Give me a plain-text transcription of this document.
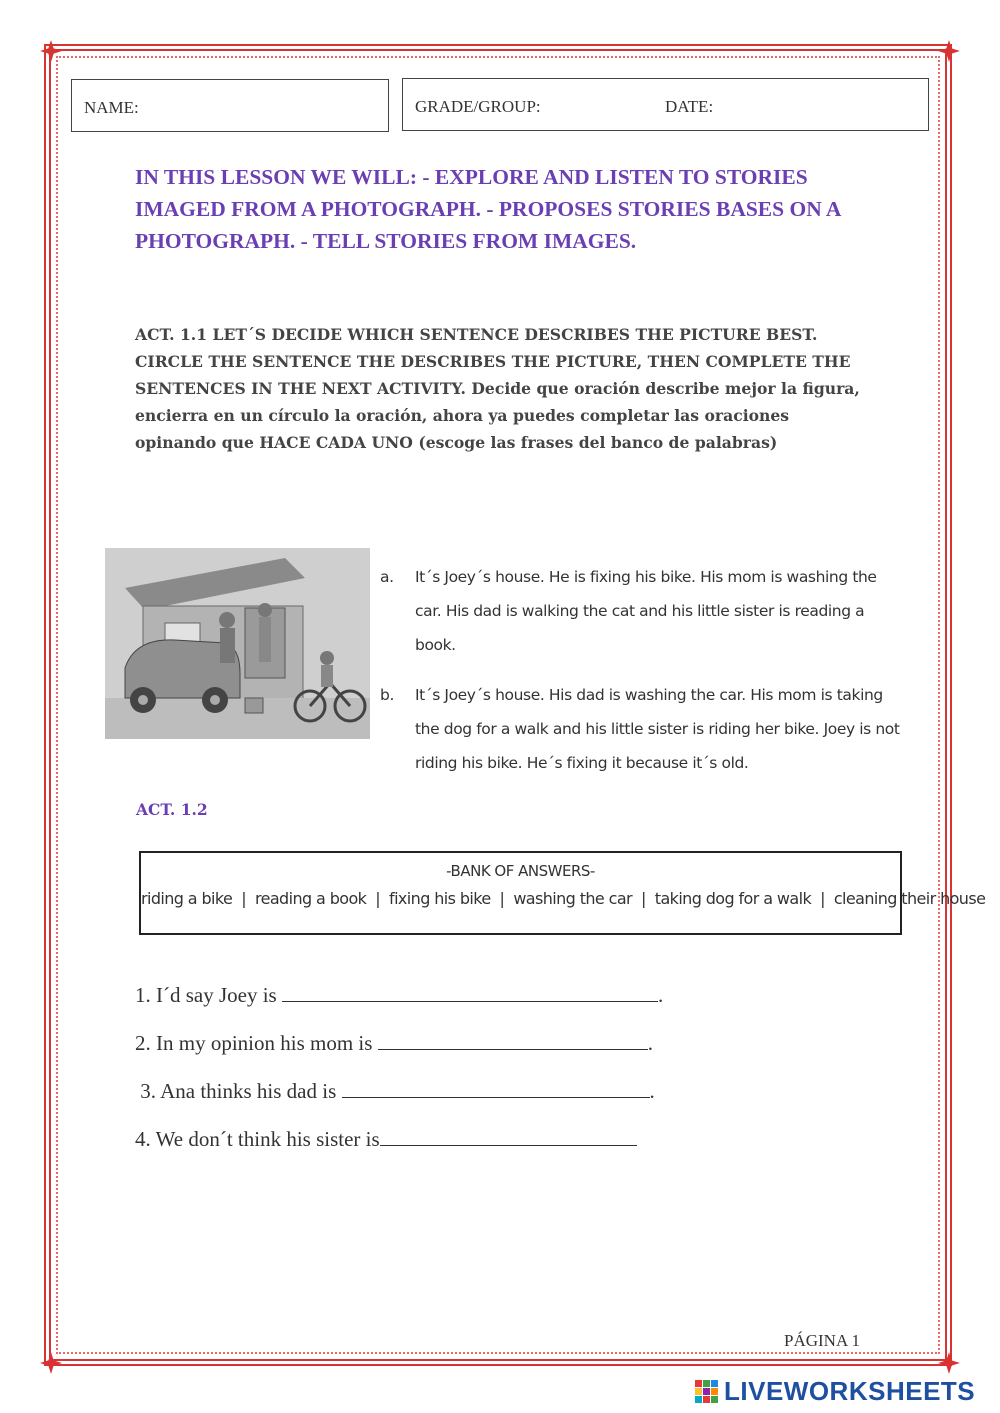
NAME:	GRADE/GROUP:	DATE:
IN THIS LESSON WE WILL: - EXPLORE AND LISTEN TO STORIES IMAGED FROM A PHOTOGRAPH. - PROPOSES STORIES BASES ON A PHOTOGRAPH. - TELL STORIES FROM IMAGES.
ACT. 1.1 LET´S DECIDE WHICH SENTENCE DESCRIBES THE PICTURE BEST. CIRCLE THE SENTENCE THE DESCRIBES THE PICTURE, THEN COMPLETE THE SENTENCES IN THE NEXT ACTIVITY. Decide que oración describe mejor la figura, encierra en un círculo la oración, ahora ya puedes completar las oraciones opinando que HACE CADA UNO (escoge las frases del banco de palabras)
a. It´s Joey´s house. He is fixing his bike. His mom is washing the car. His dad is walking the cat and his little sister is reading a book.
b. It´s Joey´s house. His dad is washing the car. His mom is taking the dog for a walk and his little sister is riding her bike. Joey is not riding his bike. He´s fixing it because it´s old.
ACT. 1.2
-BANK OF ANSWERS-
riding a bike  |  reading a book  |  fixing his bike  |  washing the car  |  taking dog for a walk  |  cleaning their house
1. I´d say Joey is	.
2. In my opinion his mom is	.
3. Ana thinks his dad is	.
4. We don´t think his sister is
PÁGINA 1
LIVEWORKSHEETS
